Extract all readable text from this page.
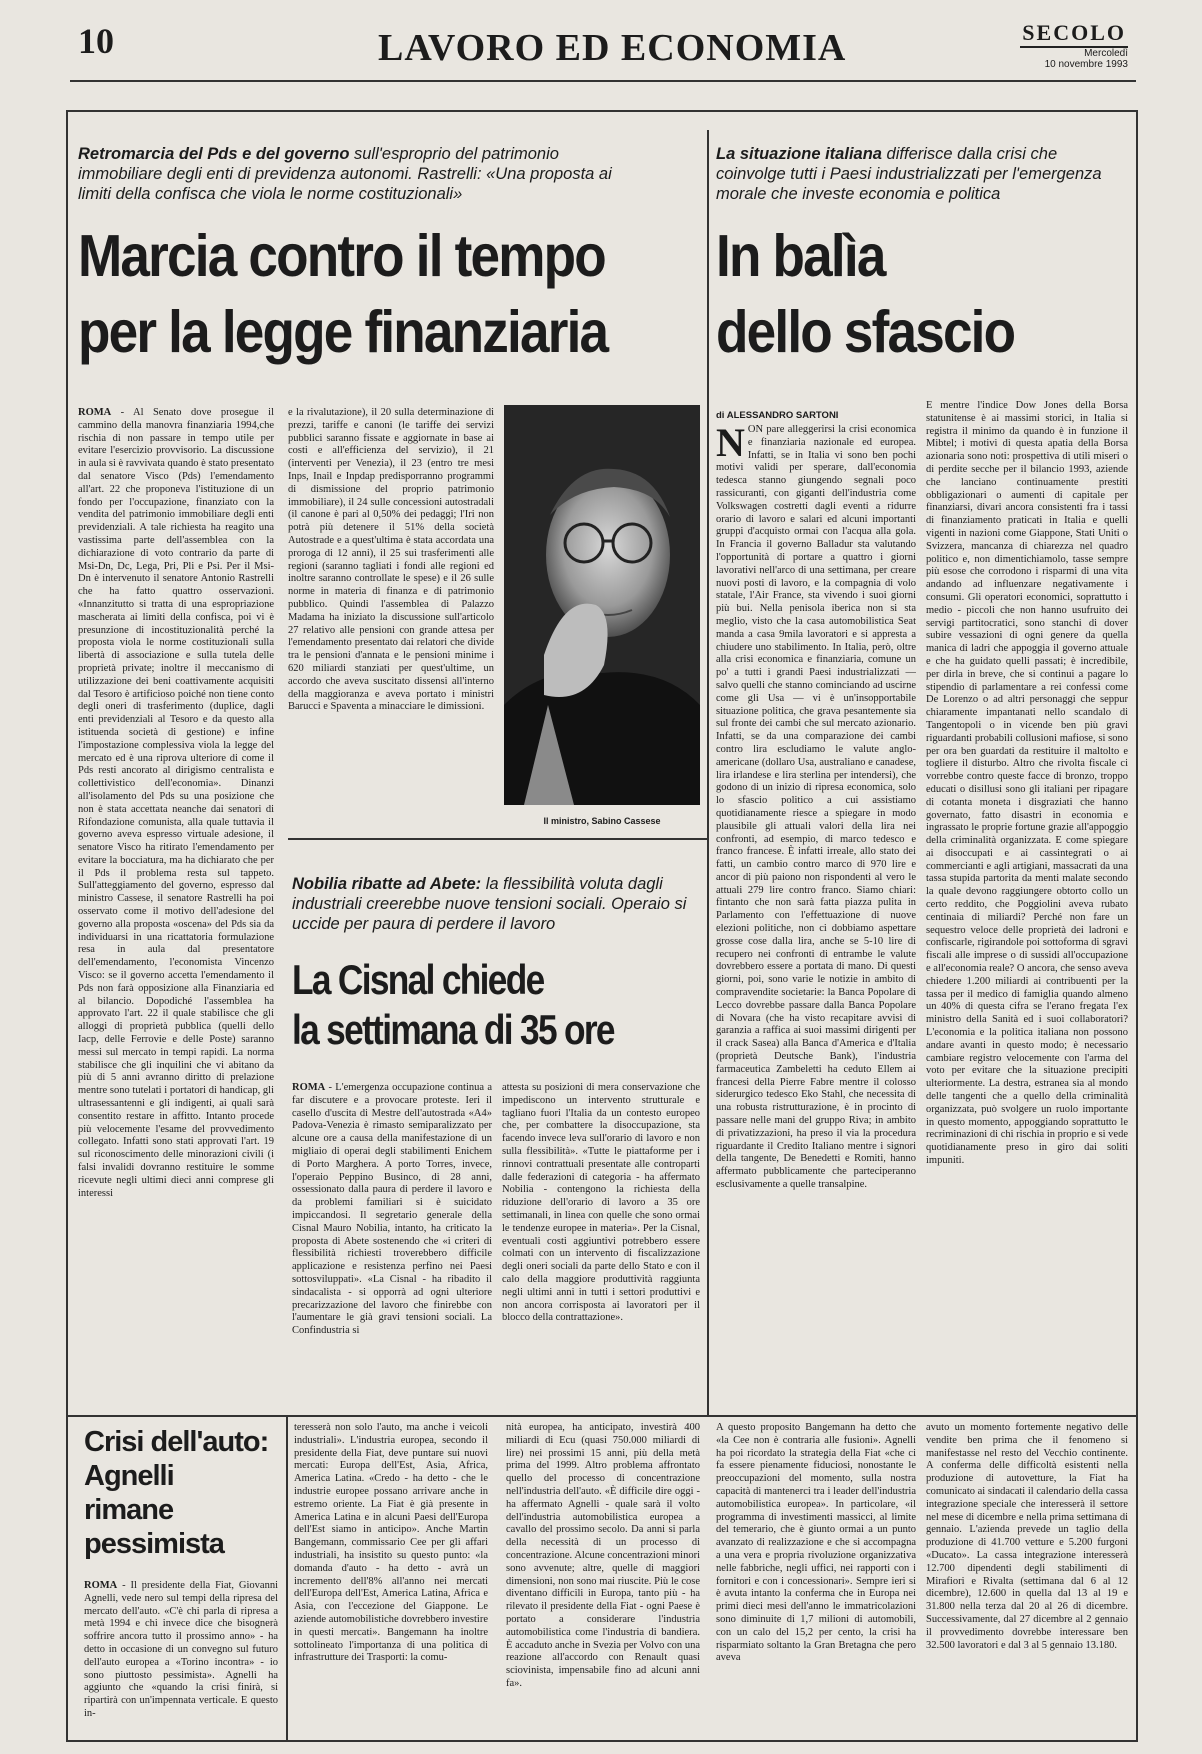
10	LAVORO ED ECONOMIA	SECOLO
Mercoledì
10 novembre 1993
Retromarcia del Pds e del governo sull'esproprio del patrimonio immobiliare degli enti di previdenza autonomi. Rastrelli: «Una proposta ai limiti della confisca che viola le norme costituzionali»
Marcia contro il tempo
per la legge finanziaria
ROMA - Al Senato dove prosegue il cammino della manovra finanziaria 1994,che rischia di non passare in tempo utile per evitare l'esercizio provvisorio. La discussione in aula si è ravvivata quando è stato presentato dal senatore Visco (Pds) l'emendamento all'art. 22 che proponeva l'istituzione di un fondo per l'occupazione, finanziato con la vendita del patrimonio immobiliare degli enti previdenziali. A tale richiesta ha reagito una vastissima parte dell'assemblea con la dichiarazione di voto contrario da parte di Msi-Dn, Dc, Lega, Pri, Pli e Psi. Per il Msi-Dn è intervenuto il senatore Antonio Rastrelli che ha fatto quattro osservazioni. «Innanzitutto si tratta di una espropriazione mascherata ai limiti della confisca, poi vi è presunzione di incostituzionalità perché la proposta viola le norme costituzionali sulla libertà di associazione e sulla tutela delle proprietà private; inoltre il meccanismo di utilizzazione dei beni coattivamente acquisiti dal Tesoro è artificioso poiché non tiene conto degli oneri di trasferimento (duplice, dagli enti previdenziali al Tesoro e da questo alla istituenda società di gestione) e infine l'impostazione complessiva viola la legge del mercato ed è una riprova ulteriore di come il Pds resti ancorato al dirigismo centralista e collettivistico dell'economia». Dinanzi all'isolamento del Pds su una posizione che non è stata accettata neanche dai senatori di Rifondazione comunista, alla quale tuttavia il governo aveva espresso virtuale adesione, il senatore Visco ha ritirato l'emendamento per evitare la bocciatura, ma ha dichiarato che per il Pds il problema resta sul tappeto. Sull'atteggiamento del governo, espresso dal ministro Cassese, il senatore Rastrelli ha poi osservato come il motivo dell'adesione del governo alla proposta «oscena» del Pds sia da individuarsi in una ricattatoria formulazione resa in aula dal presentatore dell'emendamento, l'economista Vincenzo Visco: se il governo accetta l'emendamento il Pds non farà opposizione alla Finanziaria ed al bilancio. Dopodiché l'assemblea ha approvato l'art. 22 il quale stabilisce che gli alloggi di proprietà pubblica (quelli dello Iacp, delle Ferrovie e delle Poste) saranno messi sul mercato in tempi rapidi. La norma stabilisce che gli inquilini che vi abitano da più di 5 anni avranno diritto di prelazione mentre sono tutelati i portatori di handicap, gli ultrasessantenni e gli indigenti, ai quali sarà consentito restare in affitto. Intanto procede più velocemente l'esame del provvedimento collegato. Infatti sono stati approvati l'art. 19 sul riconoscimento delle minorazioni civili (i falsi invalidi dovranno restituire le somme ricevute negli ultimi dieci anni comprese gli interessi
e la rivalutazione), il 20 sulla determinazione di prezzi, tariffe e canoni (le tariffe dei servizi pubblici saranno fissate e aggiornate in base ai costi e all'efficienza del servizio), il 21 (interventi per Venezia), il 23 (entro tre mesi Inps, Inail e Inpdap predisporranno programmi di dismissione del proprio patrimonio immobiliare), il 24 sulle concessioni autostradali (il canone è pari al 0,50% dei pedaggi; l'Iri non potrà più detenere il 51% della società Autostrade e a quest'ultima è stata accordata una proroga di 12 anni), il 25 sui trasferimenti alle regioni (saranno tagliati i fondi alle regioni ed inoltre saranno controllate le spese) e il 26 sulle norme in materia di finanza e di patrimonio pubblico. Quindi l'assemblea di Palazzo Madama ha iniziato la discussione sull'articolo 27 relativo alle pensioni con grande attesa per l'emendamento presentato dai relatori che divide tra le pensioni d'annata e le pensioni minime i 620 miliardi stanziati per quest'ultime, un accordo che aveva suscitato dissensi all'interno della maggioranza e aveva portato i ministri Barucci e Spaventa a minacciare le dimissioni.
Il ministro, Sabino Cassese
La situazione italiana differisce dalla crisi che coinvolge tutti i Paesi industrializzati per l'emergenza morale che investe economia e politica
In balìa
dello sfascio
di ALESSANDRO SARTONI
NON pare alleggerirsi la crisi economica e finanziaria nazionale ed europea. Infatti, se in Italia vi sono ben pochi motivi validi per sperare, dall'economia tedesca stanno giungendo segnali poco rassicuranti, con giganti dell'industria come Volkswagen costretti dagli eventi a ridurre orario di lavoro e salari ed alcuni importanti gruppi d'acquisto ormai con l'acqua alla gola. In Francia il governo Balladur sta valutando l'opportunità di portare a quattro i giorni lavorativi nell'arco di una settimana, per creare nuovi posti di lavoro, e la compagnia di volo statale, l'Air France, sta vivendo i suoi giorni più bui. Nella penisola iberica non si sta meglio, visto che la casa automobilistica Seat manda a casa 9mila lavoratori e si appresta a chiudere uno stabilimento. In Italia, però, oltre alla crisi economica e finanziaria, comune un po' a tutti i grandi Paesi industrializzati — salvo quelli che stanno cominciando ad uscirne come gli Usa — vi è un'insopportabile situazione politica, che grava pesantemente sia sul fronte dei cambi che sul mercato azionario. Infatti, se da una comparazione dei cambi contro lira escludiamo le valute anglo-americane (dollaro Usa, australiano e canadese, lira irlandese e lira sterlina per intendersi), che godono di un inizio di ripresa economica, solo lo sfascio politico a cui assistiamo quotidianamente riesce a spiegare in modo plausibile gli attuali valori della lira nei confronti, ad esempio, di marco tedesco e franco francese. È infatti irreale, allo stato dei fatti, un cambio contro marco di 970 lire e ancor di più paiono non rispondenti al vero le attuali 279 lire contro franco. Siamo chiari: fintanto che non sarà fatta piazza pulita in Parlamento con l'effettuazione di nuove elezioni politiche, non ci dobbiamo aspettare grosse cose dalla lira, anche se 5-10 lire di recupero nei confronti di entrambe le valute dovrebbero essere a portata di mano. Di questi giorni, poi, sono varie le notizie in ambito di compravendite societarie: la Banca Popolare di Lecco dovrebbe passare dalla Banca Popolare di Novara (che ha visto recapitare avvisi di garanzia a raffica ai suoi massimi dirigenti per il crack Sasea) alla Banca d'America e d'Italia (proprietà Deutsche Bank), l'industria farmaceutica Zambeletti ha ceduto Ellem ai francesi della Pierre Fabre mentre il colosso siderurgico tedesco Eko Stahl, che necessita di una robusta ristrutturazione, è in procinto di passare nelle mani del gruppo Riva; in ambito di privatizzazioni, ha preso il via la procedura riguardante il Credito Italiano mentre i signori della tangente, De Benedetti e Romiti, hanno affermato pubblicamente che parteciperanno esclusivamente a quelle transalpine.
E mentre l'indice Dow Jones della Borsa statunitense è ai massimi storici, in Italia si registra il minimo da quando è in funzione il Mibtel; i motivi di questa apatia della Borsa azionaria sono noti: prospettiva di utili miseri o di perdite secche per il bilancio 1993, aziende che lanciano continuamente prestiti obbligazionari o aumenti di capitale per finanziarsi, divari ancora consistenti fra i tassi di finanziamento praticati in Italia e quelli vigenti in nazioni come Giappone, Stati Uniti o Svizzera, mancanza di chiarezza nel quadro politico e, non dimentichiamolo, tasse sempre più esose che corrodono i risparmi di una vita andando ad influenzare negativamente i consumi. Gli operatori economici, soprattutto i medio - piccoli che non hanno usufruito dei servigi partitocratici, sono stanchi di dover subire vessazioni di ogni genere da quella manica di ladri che appoggia il governo attuale e che ha guidato quelli passati; è incredibile, per dirla in breve, che si continui a pagare lo stipendio di parlamentare a rei confessi come De Lorenzo o ad altri personaggi che seppur chiaramente impantanati nello scandalo di Tangentopoli o in vicende ben più gravi riguardanti probabili collusioni mafiose, si sono per ora ben guardati da restituire il maltolto e togliere il disturbo. Altro che rivolta fiscale ci vorrebbe contro queste facce di bronzo, troppo educati o disillusi sono gli italiani per ripagare di cotanta moneta i disgraziati che hanno governato, fatto disastri in economia e ingrassato le proprie fortune grazie all'appoggio della criminalità organizzata. E come spiegare ai disoccupati e ai cassintegrati o ai commercianti e agli artigiani, massacrati da una tassa stupida partorita da menti malate secondo la quale devono raggiungere obtorto collo un certo reddito, che Poggiolini aveva rubato centinaia di miliardi? Perché non fare un sequestro veloce delle proprietà dei ladroni e confiscarle, rigirandole poi sottoforma di sgravi fiscali alle imprese o di sussidi all'occupazione e all'economia reale? O ancora, che senso aveva chiedere 1.200 miliardi ai contribuenti per la tassa per il medico di famiglia quando almeno un 40% di questa cifra se l'erano fregata l'ex ministro della Sanità ed i suoi collaboratori? L'economia e la politica italiana non possono andare avanti in questo modo; è necessario cambiare registro velocemente con l'arma del voto per evitare che la situazione precipiti ulteriormente. La destra, estranea sia al mondo delle tangenti che a quello della criminalità organizzata, può svolgere un ruolo importante in questo momento, appoggiando soprattutto le recriminazioni di chi rischia in proprio e si vede quotidianamente preso in giro dai soliti impuniti.
Nobilia ribatte ad Abete: la flessibilità voluta dagli industriali creerebbe nuove tensioni sociali. Operaio si uccide per paura di perdere il lavoro
La Cisnal chiede
la settimana di 35 ore
ROMA - L'emergenza occupazione continua a far discutere e a provocare proteste. Ieri il casello d'uscita di Mestre dell'autostrada «A4» Padova-Venezia è rimasto semiparalizzato per alcune ore a causa della manifestazione di un migliaio di operai degli stabilimenti Enichem di Porto Marghera. A porto Torres, invece, l'operaio Peppino Businco, di 28 anni, ossessionato dalla paura di perdere il lavoro e da problemi familiari si è suicidato impiccandosi. Il segretario generale della Cisnal Mauro Nobilia, intanto, ha criticato la proposta di Abete sostenendo che «i criteri di flessibilità richiesti troverebbero difficile applicazione e resistenza perfino nei Paesi sottosviluppati». «La Cisnal - ha ribadito il sindacalista - si opporrà ad ogni ulteriore precarizzazione del lavoro che finirebbe con l'aumentare le già gravi tensioni sociali. La Confindustria si
attesta su posizioni di mera conservazione che impediscono un intervento strutturale e tagliano fuori l'Italia da un contesto europeo che, per combattere la disoccupazione, sta facendo invece leva sull'orario di lavoro e non sulla flessibilità». «Tutte le piattaforme per i rinnovi contrattuali presentate alle controparti dalle federazioni di categoria - ha affermato Nobilia - contengono la richiesta della riduzione dell'orario di lavoro a 35 ore settimanali, in linea con quelle che sono ormai le tendenze europee in materia». Per la Cisnal, eventuali costi aggiuntivi potrebbero essere colmati con un intervento di fiscalizzazione degli oneri sociali da parte dello Stato e con il calo della maggiore produttività raggiunta negli ultimi anni in tutti i settori produttivi e non ancora corrisposta ai lavoratori per il blocco della contrattazione».
Crisi dell'auto:
Agnelli
rimane
pessimista
ROMA - Il presidente della Fiat, Giovanni Agnelli, vede nero sul tempi della ripresa del mercato dell'auto. «C'è chi parla di ripresa a metà 1994 e chi invece dice che bisognerà soffrire ancora tutto il prossimo anno» - ha detto in occasione di un convegno sul futuro dell'auto europea a «Torino incontra» - io sono piuttosto pessimista». Agnelli ha aggiunto che «quando la crisi finirà, si ripartirà con un'impennata verticale. E questo in-
teresserà non solo l'auto, ma anche i veicoli industriali». L'industria europea, secondo il presidente della Fiat, deve puntare sui nuovi mercati: Europa dell'Est, Asia, Africa, America Latina. «Credo - ha detto - che le industrie europee possano arrivare anche in estremo oriente. La Fiat è già presente in America Latina e in alcuni Paesi dell'Europa dell'Est siamo in anticipo». Anche Martin Bangemann, commissario Cee per gli affari industriali, ha insistito su questo punto: «la domanda d'auto - ha detto - avrà un incremento dell'8% all'anno nei mercati dell'Europa dell'Est, America Latina, Africa e Asia, con l'eccezione del Giappone. Le aziende automobilistiche dovrebbero investire in questi mercati». Bangemann ha inoltre sottolineato l'importanza di una politica di infrastrutture dei Trasporti: la comu-
nità europea, ha anticipato, investirà 400 miliardi di Ecu (quasi 750.000 miliardi di lire) nei prossimi 15 anni, più della metà prima del 1999. Altro problema affrontato quello del processo di concentrazione nell'industria dell'auto. «È difficile dire oggi - ha affermato Agnelli - quale sarà il volto dell'industria automobilistica europea a cavallo del prossimo secolo. Da anni si parla della necessità di un processo di concentrazione. Alcune concentrazioni minori sono avvenute; altre, quelle di maggiori dimensioni, non sono mai riuscite. Più le cose diventano difficili in Europa, tanto più - ha rilevato il presidente della Fiat - ogni Paese è portato a considerare l'industria automobilistica come l'industria di bandiera. È accaduto anche in Svezia per Volvo con una reazione all'accordo con Renault quasi sciovinista, impensabile fino ad alcuni anni fa».
A questo proposito Bangemann ha detto che «la Cee non è contraria alle fusioni». Agnelli ha poi ricordato la strategia della Fiat «che ci fa essere pienamente fiduciosi, nonostante le preoccupazioni del momento, sulla nostra capacità di mantenerci tra i leader dell'industria automobilistica europea». In particolare, «il programma di investimenti massicci, al limite del temerario, che è giunto ormai a un punto avanzato di realizzazione e che si accompagna a una vera e propria rivoluzione organizzativa nelle fabbriche, negli uffici, nei rapporti con i fornitori e con i concessionari». Sempre ieri si è avuta intanto la conferma che in Europa nei primi dieci mesi dell'anno le immatricolazioni sono diminuite di 1,7 milioni di automobili, con un calo del 15,2 per cento, la crisi ha risparmiato soltanto la Gran Bretagna che pero aveva
avuto un momento fortemente negativo delle vendite ben prima che il fenomeno si manifestasse nel resto del Vecchio continente. A conferma delle difficoltà esistenti nella produzione di autovetture, la Fiat ha comunicato ai sindacati il calendario della cassa integrazione speciale che interesserà il settore nel mese di dicembre e nella prima settimana di gennaio. L'azienda prevede un taglio della produzione di 41.700 vetture e 5.200 furgoni «Ducato». La cassa integrazione interesserà 12.700 dipendenti degli stabilimenti di Mirafiori e Rivalta (settimana dal 6 al 12 dicembre), 12.600 in quella dal 13 al 19 e 31.800 nella terza dal 20 al 26 di dicembre. Successivamente, dal 27 dicembre al 2 gennaio il provvedimento dovrebbe interessare ben 32.500 lavoratori e dal 3 al 5 gennaio 13.180.
